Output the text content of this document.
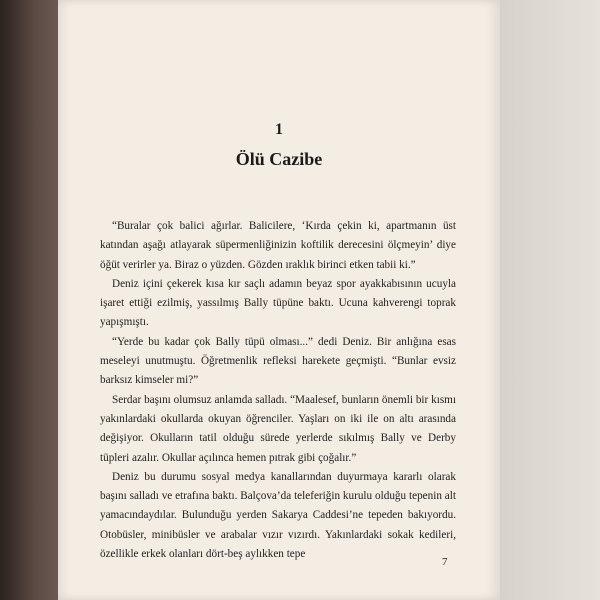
1
Ölü Cazibe

“Buralar çok balici ağırlar. Balicilere, ‘Kırda çekin ki, apartmanın üst katından aşağı atlayarak süpermenliğinizin koftilik derecesini ölçmeyin’ diye öğüt verirler ya. Biraz o yüzden. Gözden ıraklık birinci etken tabii ki.”

Deniz içini çekerek kısa kır saçlı adamın beyaz spor ayakkabısının ucuyla işaret ettiği ezilmiş, yassılmış Bally tüpüne baktı. Ucuna kahverengi toprak yapışmıştı.

“Yerde bu kadar çok Bally tüpü olması...” dedi Deniz. Bir anlığına esas meseleyi unutmuştu. Öğretmenlik refleksi harekete geçmişti. “Bunlar evsiz barksız kimseler mi?”

Serdar başını olumsuz anlamda salladı. “Maalesef, bunların önemli bir kısmı yakınlardaki okullarda okuyan öğrenciler. Yaşları on iki ile on altı arasında değişiyor. Okulların tatil olduğu sürede yerlerde sıkılmış Bally ve Derby tüpleri azalır. Okullar açılınca hemen pıtrak gibi çoğalır.”

Deniz bu durumu sosyal medya kanallarından duyurmaya kararlı olarak başını salladı ve etrafına baktı. Balçova’da teleferiğin kurulu olduğu tepenin alt yamacındaydılar. Bulunduğu yerden Sakarya Caddesi’ne tepeden bakıyordu. Otobüsler, minibüsler ve arabalar vızır vızırdı. Yakınlardaki sokak kedileri, özellikle erkek olanları dört-beş aylıkken tepe

7
